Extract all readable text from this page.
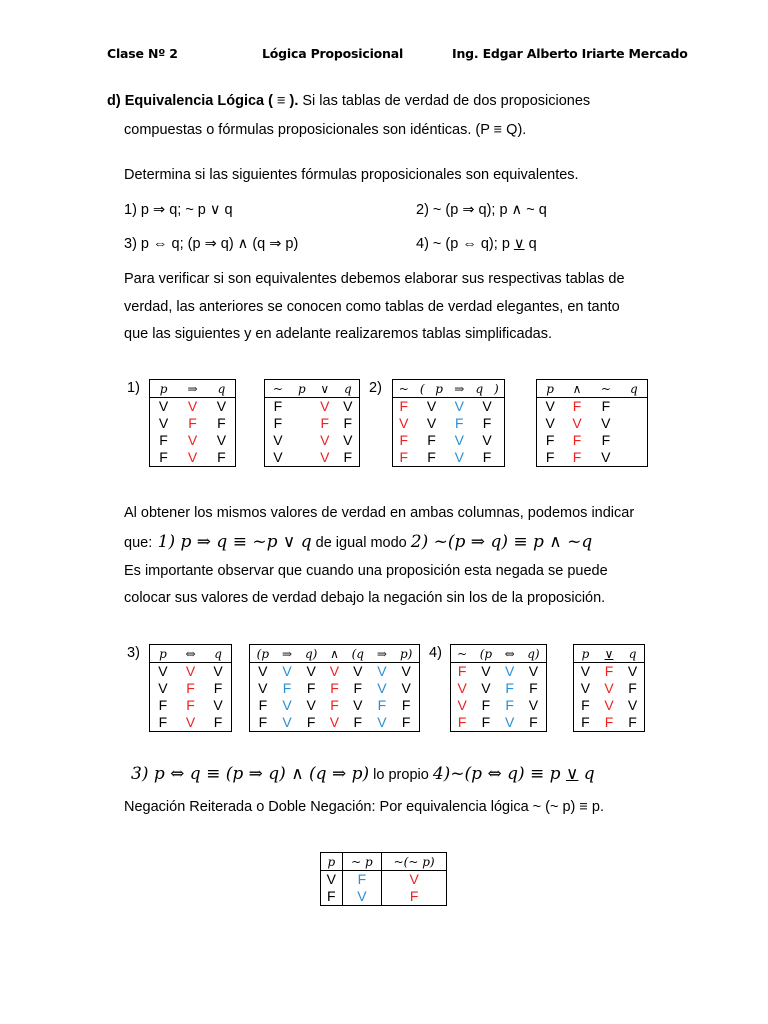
Clase Nº 2	Lógica Proposicional	Ing. Edgar Alberto Iriarte Mercado
d) Equivalencia Lógica ( ≡ ). Si las tablas de verdad de dos proposiciones
compuestas o fórmulas proposicionales son idénticas. (P ≡ Q).
Determina si las siguientes fórmulas proposicionales son equivalentes.
1) p ⇒ q; ~ p ∨ q	2) ~ (p ⇒ q); p ∧ ~ q
3) p ⇔ q; (p ⇒ q) ∧ (q ⇒ p)	4) ~ (p ⇔ q); p ∨ q
Para verificar si son equivalentes debemos elaborar sus respectivas tablas de
verdad, las anteriores se conocen como tablas de verdad elegantes, en tanto
que las siguientes y en adelante realizaremos tablas simplificadas.
1) p	⇒	q
V	V	V
V	F	F
F	V	V
F	V	F
~	p	∨	q
F		V	V
F		F	F
V		V	V
V		V	F
2) ~	(	p	⇒	q	)
F	V		V	V	
V	V		F	F	
F	F		V	V	
F	F		V	F	
p	∧	~	q
V	F	F	
V	V	V	
F	F	F	
F	F	V	
Al obtener los mismos valores de verdad en ambas columnas, podemos indicar
que: 1) p ⇒ q ≡ ~p ∨ q de igual modo 2) ~(p ⇒ q) ≡ p ∧ ~q
Es importante observar que cuando una proposición esta negada se puede
colocar sus valores de verdad debajo la negación sin los de la proposición.
3) p	⇔	q
V	V	V
V	F	F
F	F	V
F	V	F
(p	⇒	q)	∧	(q	⇒	p)
V	V	V	V	V	V	V
V	F	F	F	F	V	V
F	V	V	F	V	F	F
F	V	F	V	F	V	F
4) ~	(p	⇔	q)
F	V	V	V
V	V	F	F
V	F	F	V
F	F	V	F
p	∨	q
V	F	V
V	V	F
F	V	V
F	F	F
3) p ⇔ q ≡ (p ⇒ q) ∧ (q ⇒ p) lo propio 4)~(p ⇔ q) ≡ p ∨ q
Negación Reiterada o Doble Negación: Por equivalencia lógica ~ (~ p) ≡ p.
p	~ p	~(~ p)
V	F	V
F	V	F
